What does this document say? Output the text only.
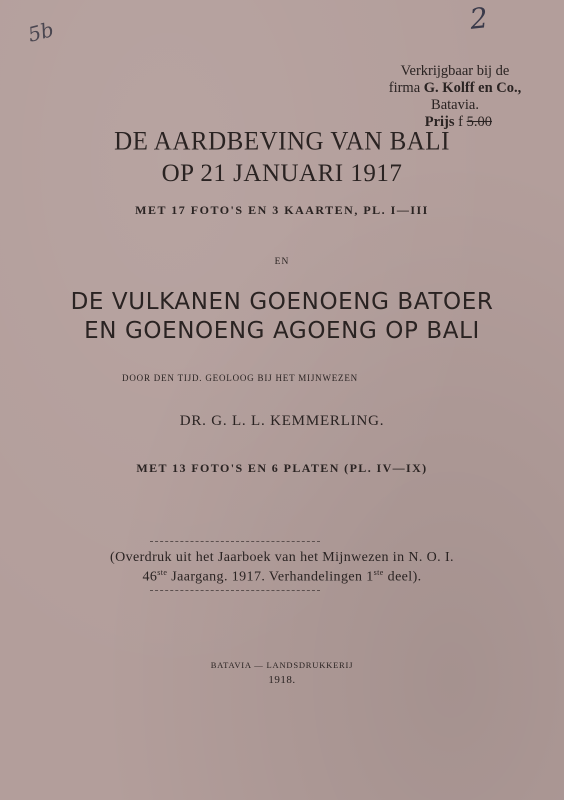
2
5b
Verkrijgbaar bij de
firma G. Kolff en Co.,
Batavia.
Prijs f 5.00
DE AARDBEVING VAN BALI
OP 21 JANUARI 1917
MET 17 FOTO'S EN 3 KAARTEN, PL. I—III
EN
DE VULKANEN GOENOENG BATOER
EN GOENOENG AGOENG OP BALI
DOOR DEN TIJD. GEOLOOG BIJ HET MIJNWEZEN
DR. G. L. L. KEMMERLING.
MET 13 FOTO'S EN 6 PLATEN (PL. IV—IX)
(Overdruk uit het Jaarboek van het Mijnwezen in N. O. I.
46ste Jaargang. 1917. Verhandelingen 1ste deel).
BATAVIA — LANDSDRUKKERIJ
1918.
